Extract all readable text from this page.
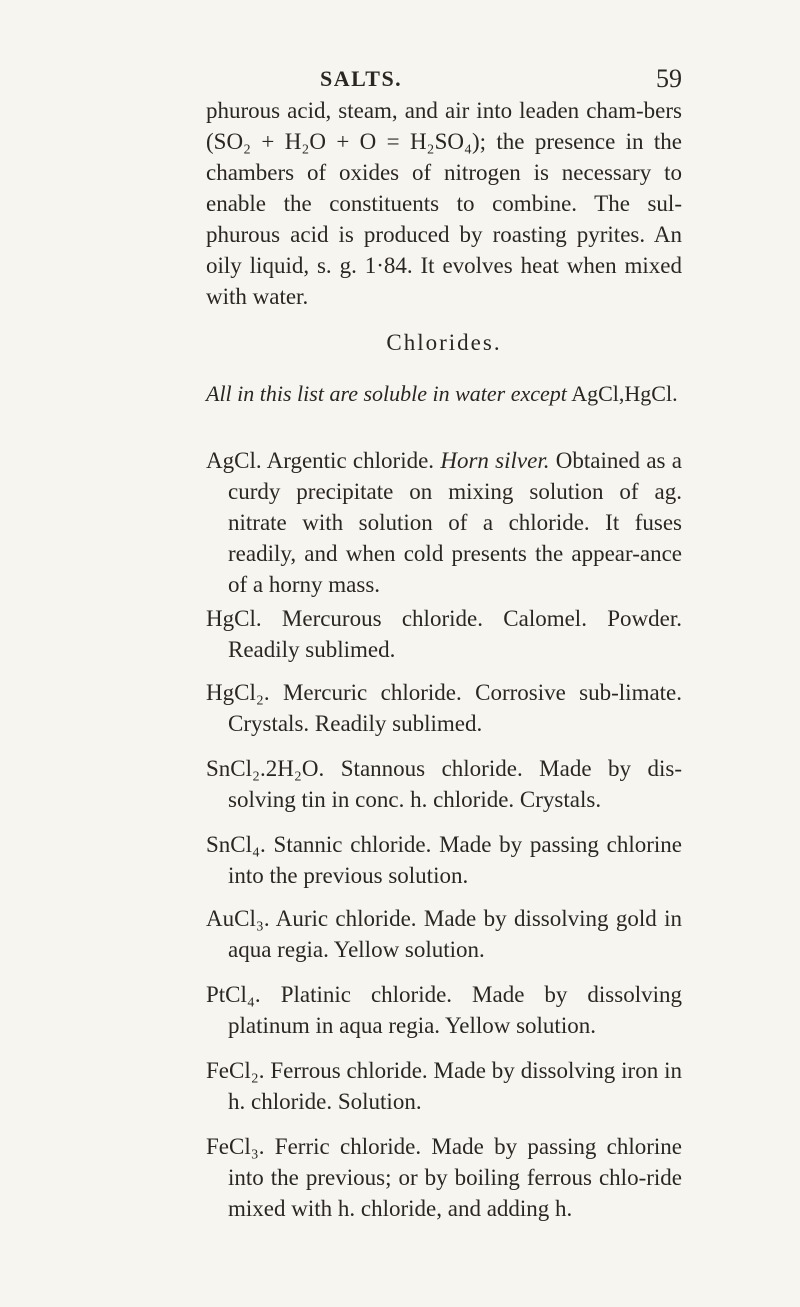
SALTS.	59

phurous acid, steam, and air into leaden cham-bers (SO₂ + H₂O + O = H₂SO₄); the presence in the chambers of oxides of nitrogen is necessary to enable the constituents to combine. The sul-phurous acid is produced by roasting pyrites. An oily liquid, s. g. 1·84. It evolves heat when mixed with water.

Chlorides.
All in this list are soluble in water except AgCl,HgCl.

AgCl. Argentic chloride. Horn silver. Obtained as a curdy precipitate on mixing solution of ag. nitrate with solution of a chloride. It fuses readily, and when cold presents the appear-ance of a horny mass.

HgCl. Mercurous chloride. Calomel. Powder. Readily sublimed.

HgCl₂. Mercuric chloride. Corrosive sub-limate. Crystals. Readily sublimed.

SnCl₂.2H₂O. Stannous chloride. Made by dis-solving tin in conc. h. chloride. Crystals.

SnCl₄. Stannic chloride. Made by passing chlorine into the previous solution.

AuCl₃. Auric chloride. Made by dissolving gold in aqua regia. Yellow solution.

PtCl₄. Platinic chloride. Made by dissolving platinum in aqua regia. Yellow solution.

FeCl₂. Ferrous chloride. Made by dissolving iron in h. chloride. Solution.

FeCl₃. Ferric chloride. Made by passing chlorine into the previous; or by boiling ferrous chlo-ride mixed with h. chloride, and adding h.
